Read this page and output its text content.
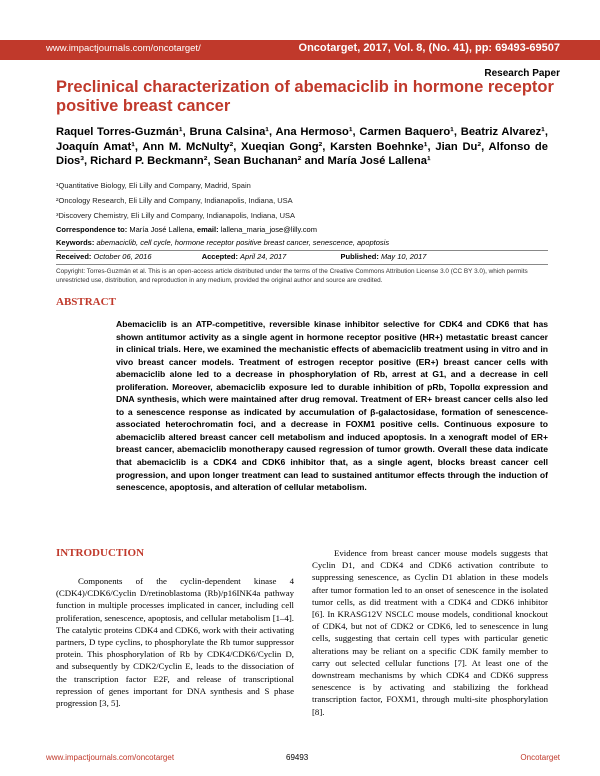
www.impactjournals.com/oncotarget/	Oncotarget, 2017, Vol. 8, (No. 41), pp: 69493-69507
Research Paper
Preclinical characterization of abemaciclib in hormone receptor positive breast cancer
Raquel Torres-Guzmán¹, Bruna Calsina¹, Ana Hermoso¹, Carmen Baquero¹, Beatriz Alvarez¹, Joaquín Amat¹, Ann M. McNulty², Xueqian Gong², Karsten Boehnke¹, Jian Du², Alfonso de Dios³, Richard P. Beckmann², Sean Buchanan² and María José Lallena¹
¹Quantitative Biology, Eli Lilly and Company, Madrid, Spain
²Oncology Research, Eli Lilly and Company, Indianapolis, Indiana, USA
³Discovery Chemistry, Eli Lilly and Company, Indianapolis, Indiana, USA
Correspondence to: María José Lallena, email: lallena_maria_jose@lilly.com
Keywords: abemaciclib, cell cycle, hormone receptor positive breast cancer, senescence, apoptosis
Received: October 06, 2016	Accepted: April 24, 2017	Published: May 10, 2017
Copyright: Torres-Guzmán et al. This is an open-access article distributed under the terms of the Creative Commons Attribution License 3.0 (CC BY 3.0), which permits unrestricted use, distribution, and reproduction in any medium, provided the original author and source are credited.
ABSTRACT
Abemaciclib is an ATP-competitive, reversible kinase inhibitor selective for CDK4 and CDK6 that has shown antitumor activity as a single agent in hormone receptor positive (HR+) metastatic breast cancer in clinical trials. Here, we examined the mechanistic effects of abemaciclib treatment using in vitro and in vivo breast cancer models. Treatment of estrogen receptor positive (ER+) breast cancer cells with abemaciclib alone led to a decrease in phosphorylation of Rb, arrest at G1, and a decrease in cell proliferation. Moreover, abemaciclib exposure led to durable inhibition of pRb, TopoIIα expression and DNA synthesis, which were maintained after drug removal. Treatment of ER+ breast cancer cells also led to a senescence response as indicated by accumulation of β-galactosidase, formation of senescence-associated heterochromatin foci, and a decrease in FOXM1 positive cells. Continuous exposure to abemaciclib altered breast cancer cell metabolism and induced apoptosis. In a xenograft model of ER+ breast cancer, abemaciclib monotherapy caused regression of tumor growth. Overall these data indicate that abemaciclib is a CDK4 and CDK6 inhibitor that, as a single agent, blocks breast cancer cell progression, and upon longer treatment can lead to sustained antitumor effects through the induction of senescence, apoptosis, and alteration of cellular metabolism.
INTRODUCTION
Components of the cyclin-dependent kinase 4 (CDK4)/CDK6/Cyclin D/retinoblastoma (Rb)/p16INK4a pathway function in multiple processes implicated in cancer, including cell proliferation, senescence, apoptosis, and cellular metabolism [1–4]. The catalytic proteins CDK4 and CDK6, work with their activating partners, D type cyclins, to phosphorylate the Rb tumor suppressor protein. This phosphorylation of Rb by CDK4/CDK6/Cyclin D, and subsequently by CDK2/Cyclin E, leads to the dissociation of the transcription factor E2F, and release of transcriptional repression of genes important for DNA synthesis and S phase progression [3, 5].
Evidence from breast cancer mouse models suggests that Cyclin D1, and CDK4 and CDK6 activation contribute to suppressing senescence, as Cyclin D1 ablation in these models after tumor formation led to an onset of senescence in the isolated tumor cells, as did treatment with a CDK4 and CDK6 inhibitor [6]. In KRASG12V NSCLC mouse models, conditional knockout of CDK4, but not of CDK2 or CDK6, led to senescence in lung cells, suggesting that certain cell types with particular genetic alterations may be reliant on a specific CDK family member to carry out selected cellular functions [7]. At least one of the downstream mechanisms by which CDK4 and CDK6 suppress senescence is by activating and stabilizing the forkhead transcription factor, FOXM1, through multi-site phosphorylation [8].
www.impactjournals.com/oncotarget	69493	Oncotarget
